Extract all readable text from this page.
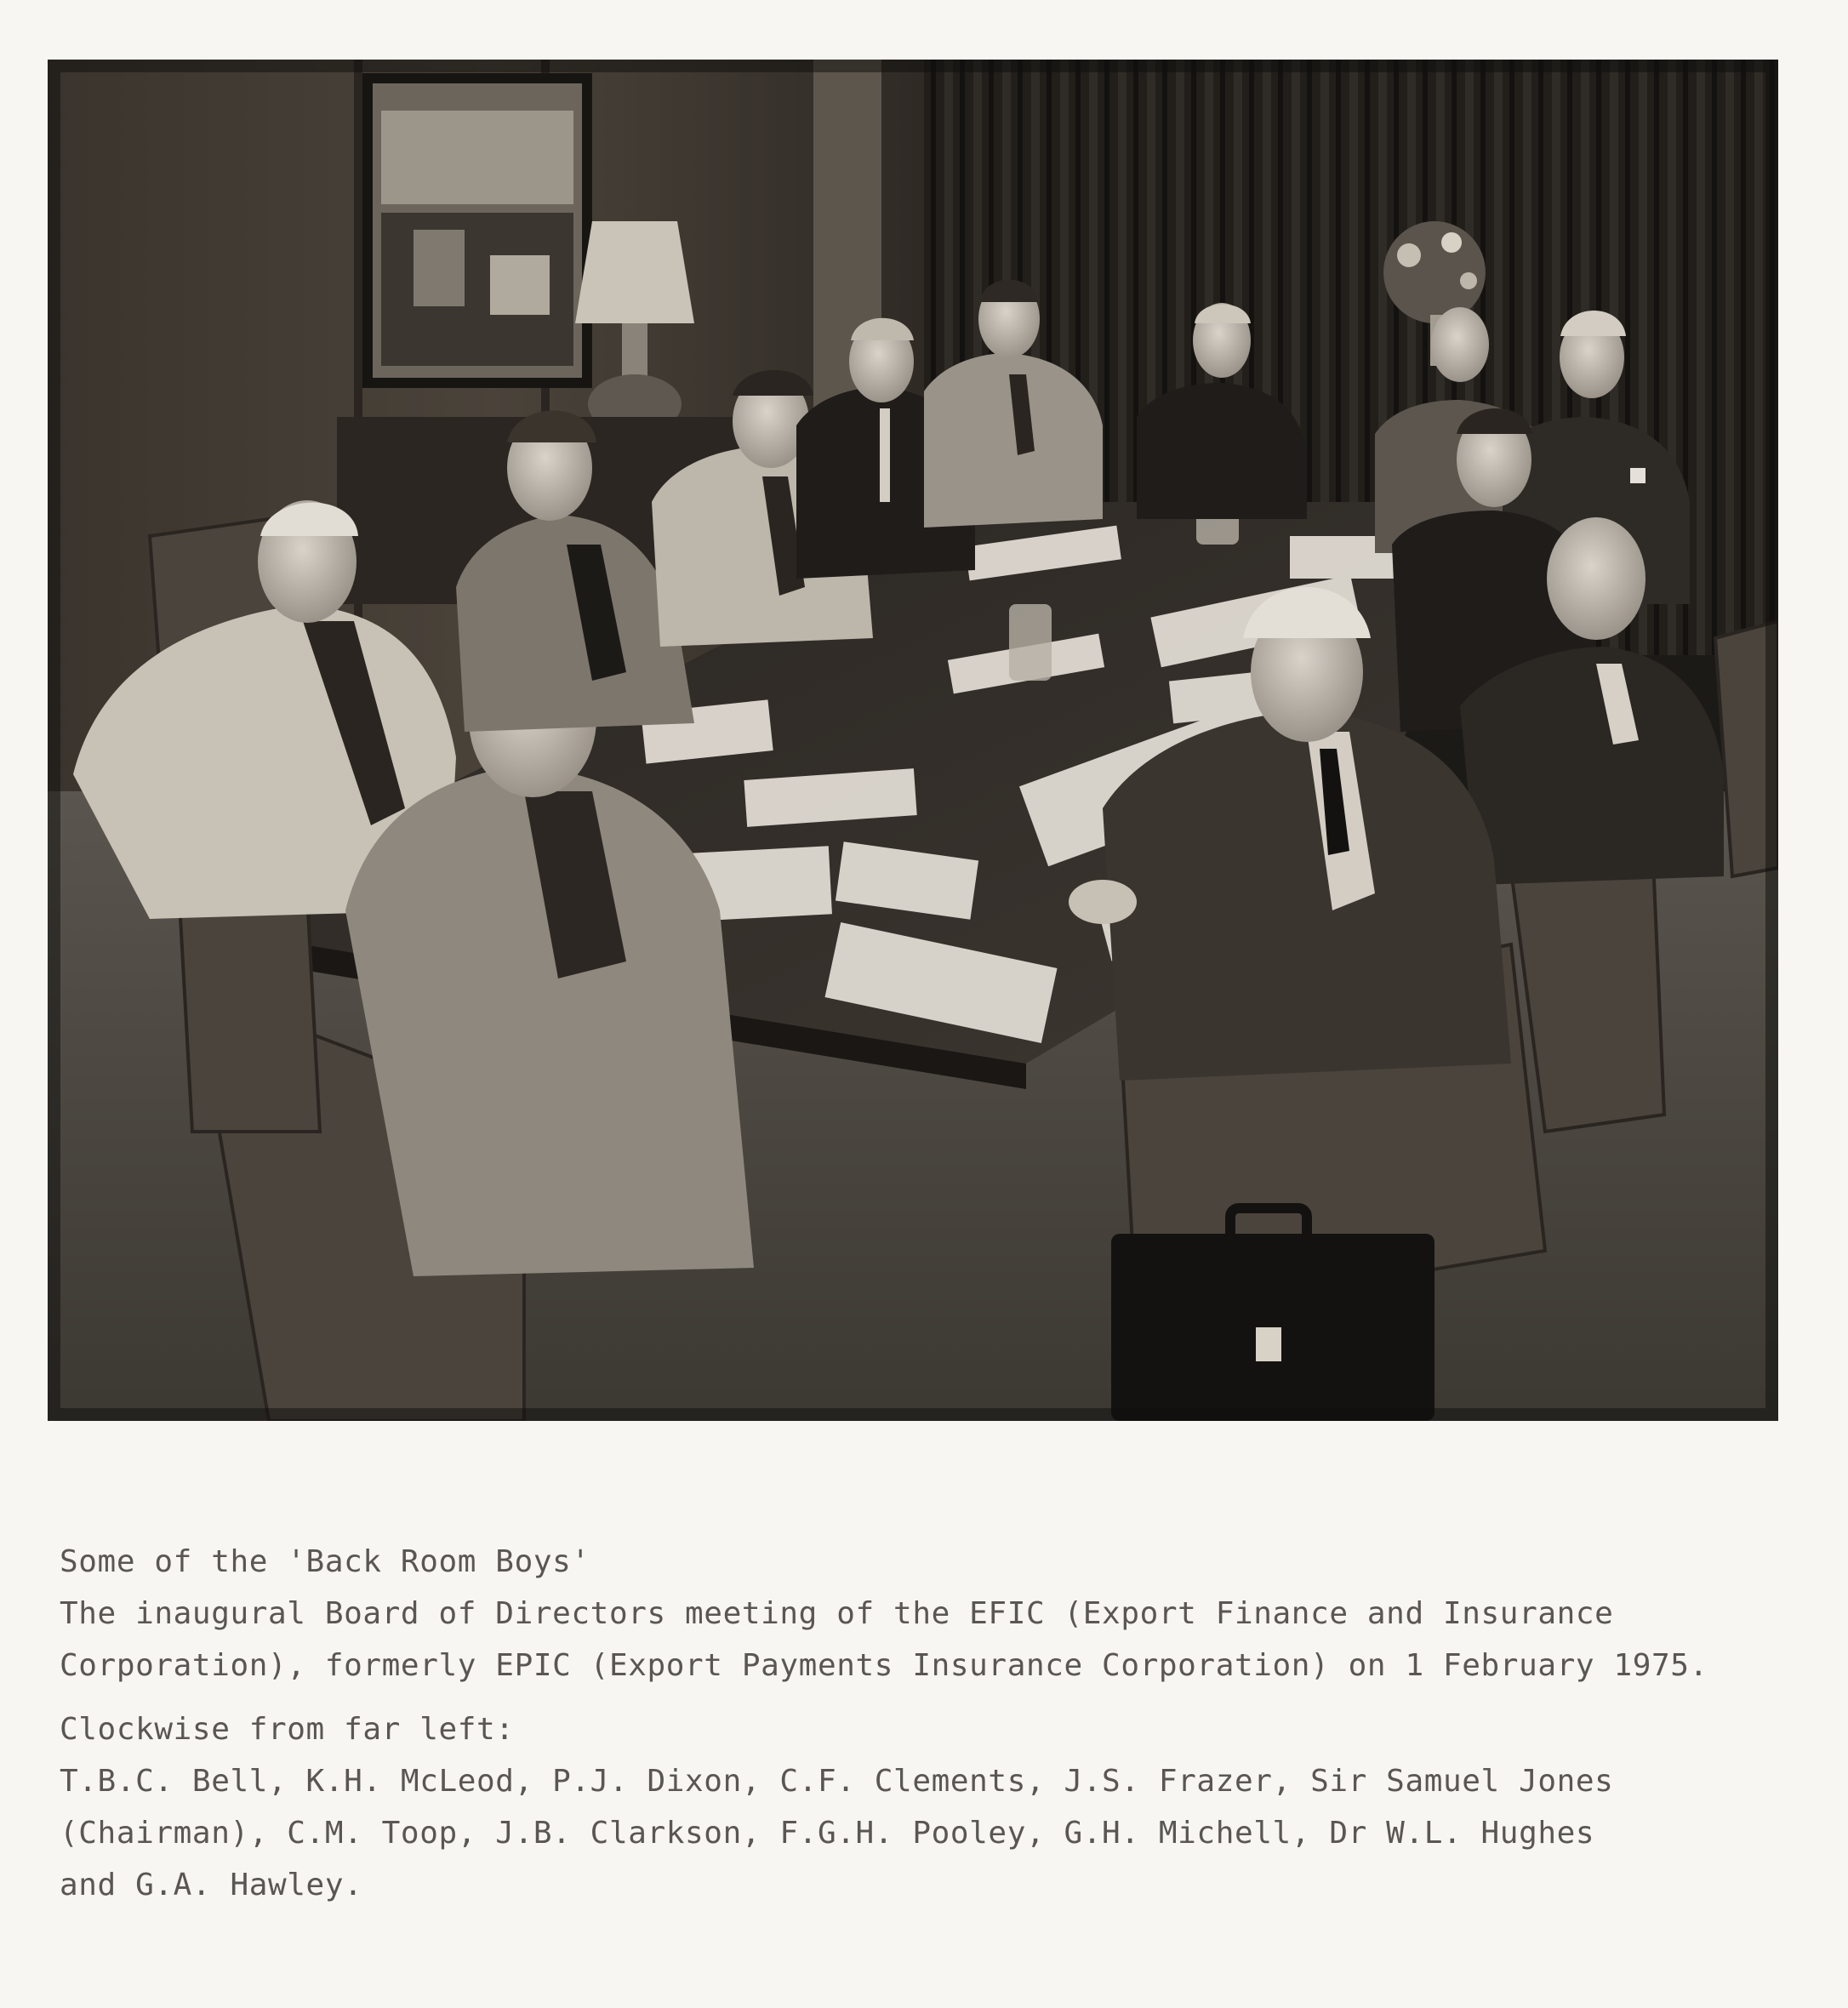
Some of the 'Back Room Boys'
The inaugural Board of Directors meeting of the EFIC (Export Finance and Insurance
Corporation), formerly EPIC (Export Payments Insurance Corporation) on 1 February 1975.
Clockwise from far left:
T.B.C. Bell, K.H. McLeod, P.J. Dixon, C.F. Clements, J.S. Frazer, Sir Samuel Jones
(Chairman), C.M. Toop, J.B. Clarkson, F.G.H. Pooley, G.H. Michell, Dr W.L. Hughes
and G.A. Hawley.
